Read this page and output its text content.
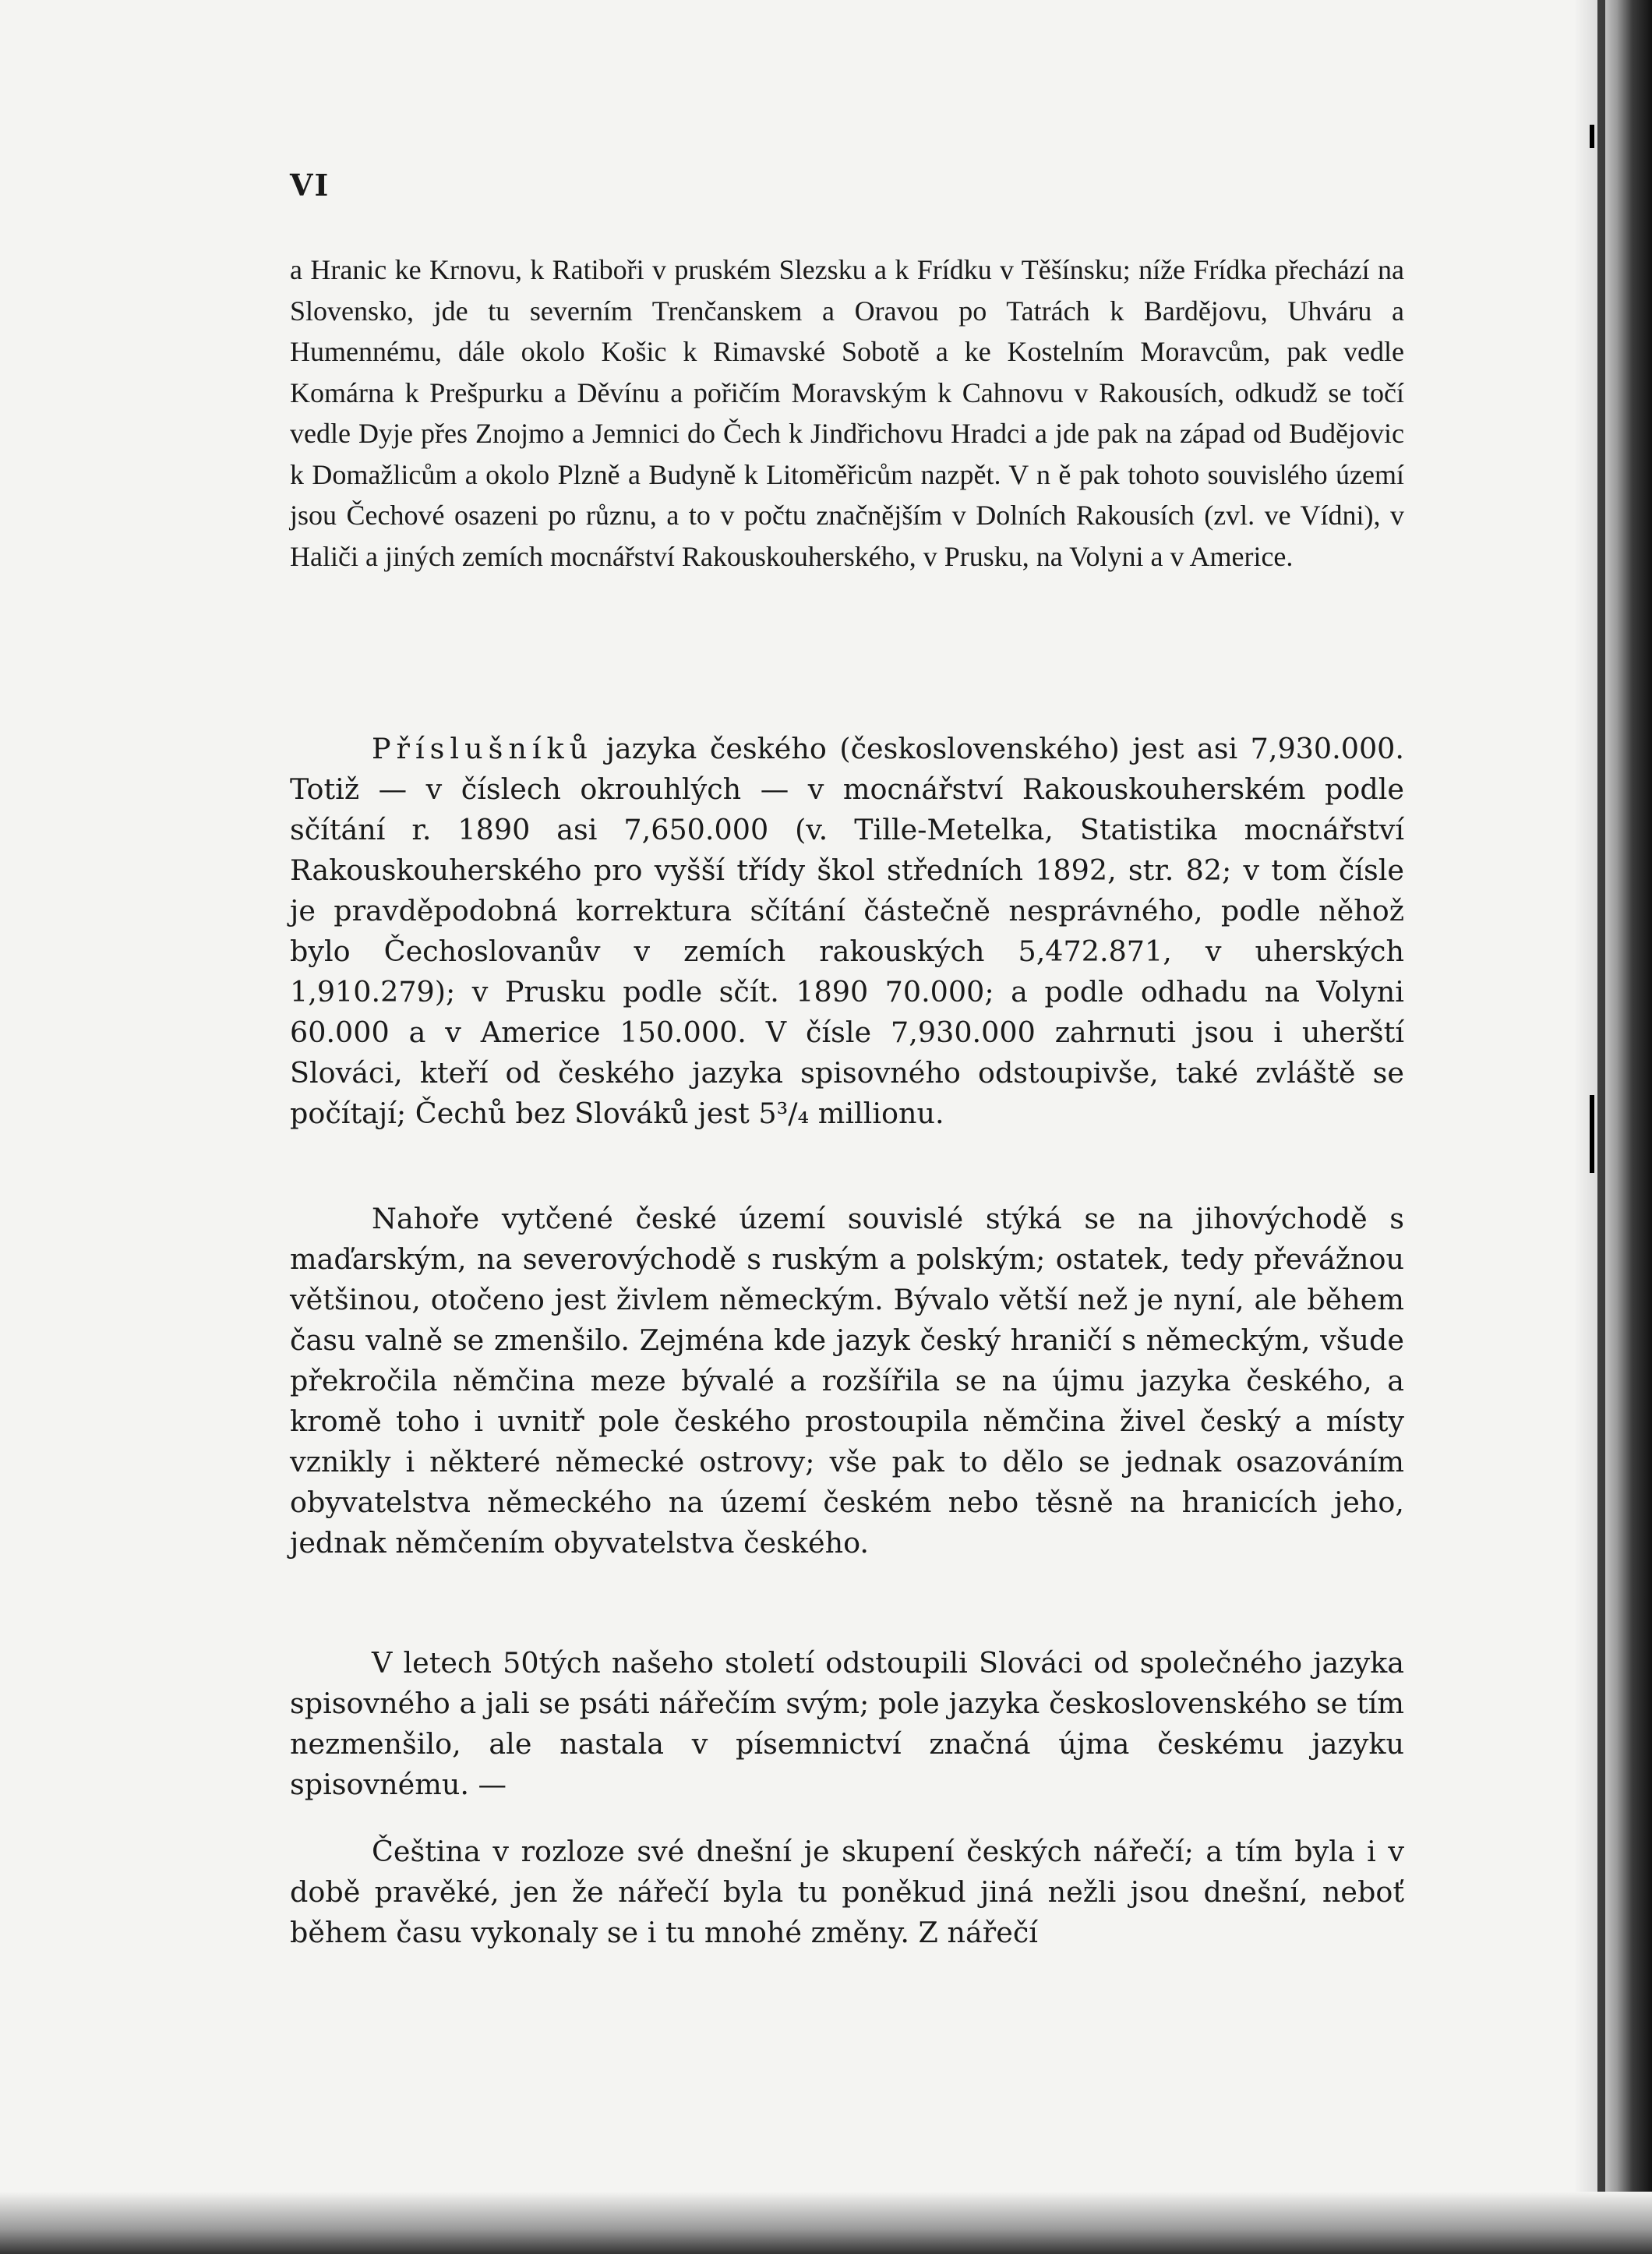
VI

a Hranic ke Krnovu, k Ratiboři v pruském Slezsku a k Frídku v Těšínsku; níže Frídka přechází na Slovensko, jde tu severním Trenčanskem a Oravou po Tatrách k Bardějovu, Uhváru a Humennému, dále okolo Košic k Rimavské Sobotě a ke Kostelním Moravcům, pak vedle Komárna k Prešpurku a Děvínu a pořičím Moravským k Cahnovu v Rakousích, odkudž se točí vedle Dyje přes Znojmo a Jemnici do Čech k Jindřichovu Hradci a jde pak na západ od Budějovic k Domažlicům a okolo Plzně a Budyně k Litoměřicům nazpět. V n ě pak tohoto souvislého území jsou Čechové osazeni po různu, a to v počtu značnějším v Dolních Rakousích (zvl. ve Vídni), v Haliči a jiných zemích mocnářství Rakouskouherského, v Prusku, na Volyni a v Americe.

Příslušníků jazyka českého (československého) jest asi 7,930.000. Totiž — v číslech okrouhlých — v mocnářství Rakouskouherském podle sčítání r. 1890 asi 7,650.000 (v. Tille-Metelka, Statistika mocnářství Rakouskouherského pro vyšší třídy škol středních 1892, str. 82; v tom čísle je pravděpodobná korrektura sčítání částečně nesprávného, podle něhož bylo Čechoslovanův v zemích rakouských 5,472.871, v uherských 1,910.279); v Prusku podle sčít. 1890 70.000; a podle odhadu na Volyni 60.000 a v Americe 150.000. V čísle 7,930.000 zahrnuti jsou i uherští Slováci, kteří od českého jazyka spisovného odstoupivše, také zvláště se počítají; Čechů bez Slováků jest 5³/₄ millionu.

Nahoře vytčené české území souvislé stýká se na jihovýchodě s maďarským, na severovýchodě s ruským a polským; ostatek, tedy převážnou většinou, otočeno jest živlem německým. Bývalo větší než je nyní, ale během času valně se zmenšilo. Zejména kde jazyk český hraničí s německým, všude překročila němčina meze bývalé a rozšířila se na újmu jazyka českého, a kromě toho i uvnitř pole českého prostoupila němčina živel český a místy vznikly i některé německé ostrovy; vše pak to dělo se jednak osazováním obyvatelstva německého na území českém nebo těsně na hranicích jeho, jednak němčením obyvatelstva českého.

V letech 50tých našeho století odstoupili Slováci od společného jazyka spisovného a jali se psáti nářečím svým; pole jazyka československého se tím nezmenšilo, ale nastala v písemnictví značná újma českému jazyku spisovnému. —

Čeština v rozloze své dnešní je skupení českých nářečí; a tím byla i v době pravěké, jen že nářečí byla tu poněkud jiná nežli jsou dnešní, neboť během času vykonaly se i tu mnohé změny. Z nářečí
